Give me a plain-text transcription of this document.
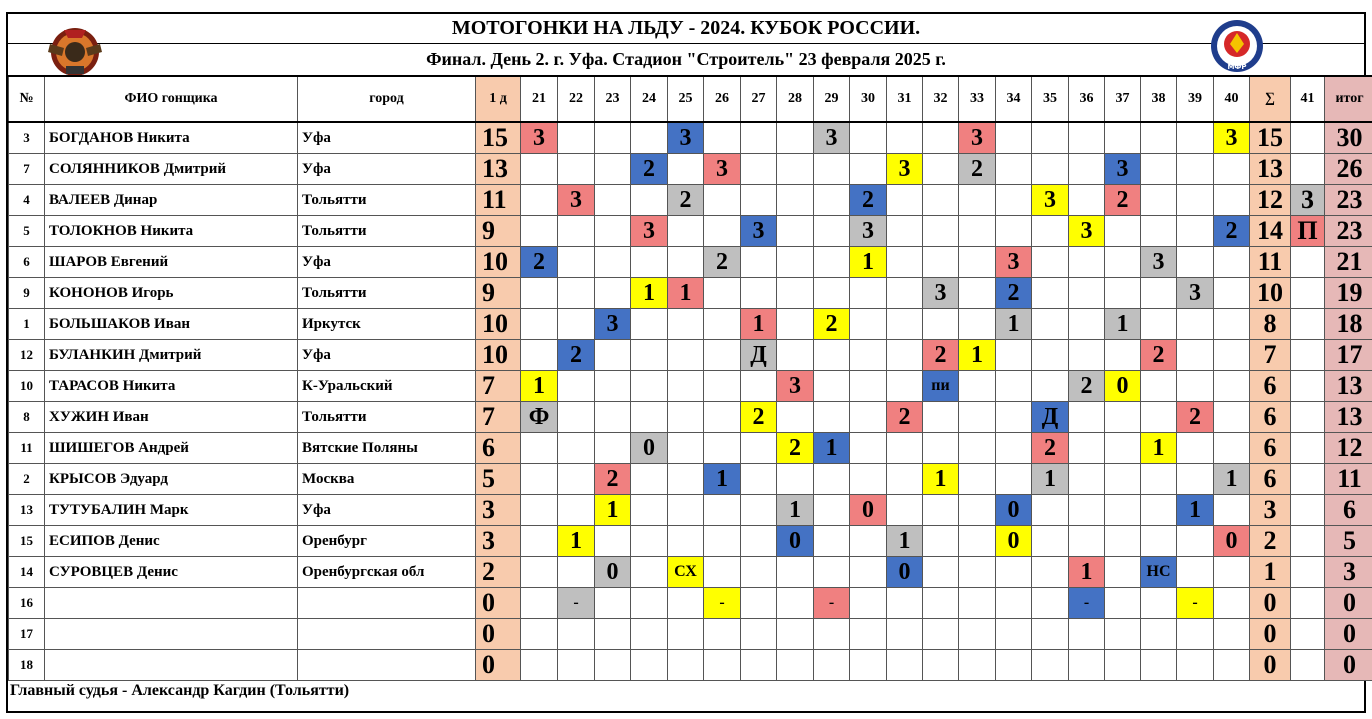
МОТОГОНКИ НА ЛЬДУ - 2024. КУБОК РОССИИ.
Финал. День 2. г. Уфа. Стадион "Строитель" 23 февраля 2025 г.	МФР
№	ФИО гонщика	город	1 д	21	22	23	24	25	26	27	28	29	30	31	32	33	34	35	36	37	38	39	40	∑	41	итог
3	БОГДАНОВ Никита	Уфа	15	3				3				3				3							3	15		30
7	СОЛЯННИКОВ Дмитрий	Уфа	13				2		3					3		2				3				13		26
4	ВАЛЕЕВ Динар	Тольятти	11		3			2					2					3		2				12	3	23
5	ТОЛОКНОВ Никита	Тольятти	9				3			3			3						3				2	14	П	23
6	ШАРОВ Евгений	Уфа	10	2					2				1				3				3			11		21
9	КОНОНОВ Игорь	Тольятти	9				1	1							3		2					3		10		19
1	БОЛЬШАКОВ Иван	Иркутск	10			3				1		2					1			1				8		18
12	БУЛАНКИН Дмитрий	Уфа	10		2					Д					2	1					2			7		17
10	ТАРАСОВ Никита	К-Уральский	7	1							3				пи				2	0				6		13
8	ХУЖИН Иван	Тольятти	7	Ф						2				2				Д				2		6		13
11	ШИШЕГОВ Андрей	Вятские Поляны	6				0				2	1						2			1			6		12
2	КРЫСОВ Эдуард	Москва	5			2			1						1			1					1	6		11
13	ТУТУБАЛИН Марк	Уфа	3			1					1		0				0					1		3		6
15	ЕСИПОВ Денис	Оренбург	3		1						0			1			0						0	2		5
14	СУРОВЦЕВ Денис	Оренбургская обл	2			0		СХ						0					1		НС			1		3
16			0		-				-			-							-			-		0		0
17			0																					0		0
18			0																					0		0
Главный судья - Александр Кагдин (Тольятти)
